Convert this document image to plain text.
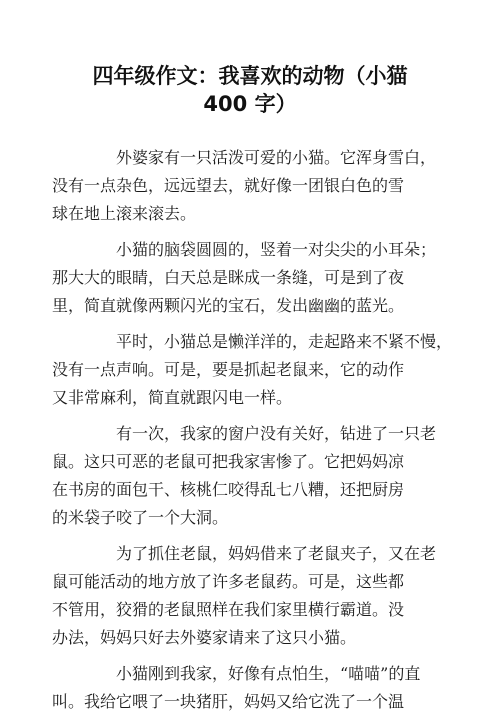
四年级作文：我喜欢的动物（小猫
400 字）

外婆家有一只活泼可爱的小猫。它浑身雪白，
没有一点杂色，远远望去，就好像一团银白色的雪
球在地上滚来滚去。

小猫的脑袋圆圆的，竖着一对尖尖的小耳朵；
那大大的眼睛，白天总是眯成一条缝，可是到了夜
里，简直就像两颗闪光的宝石，发出幽幽的蓝光。

平时，小猫总是懒洋洋的，走起路来不紧不慢，
没有一点声响。可是，要是抓起老鼠来，它的动作
又非常麻利，简直就跟闪电一样。

有一次，我家的窗户没有关好，钻进了一只老
鼠。这只可恶的老鼠可把我家害惨了。它把妈妈凉
在书房的面包干、核桃仁咬得乱七八糟，还把厨房
的米袋子咬了一个大洞。

为了抓住老鼠，妈妈借来了老鼠夹子，又在老
鼠可能活动的地方放了许多老鼠药。可是，这些都
不管用，狡猾的老鼠照样在我们家里横行霸道。没
办法，妈妈只好去外婆家请来了这只小猫。

小猫刚到我家，好像有点怕生，“喵喵”的直
叫。我给它喂了一块猪肝，妈妈又给它洗了一个温
